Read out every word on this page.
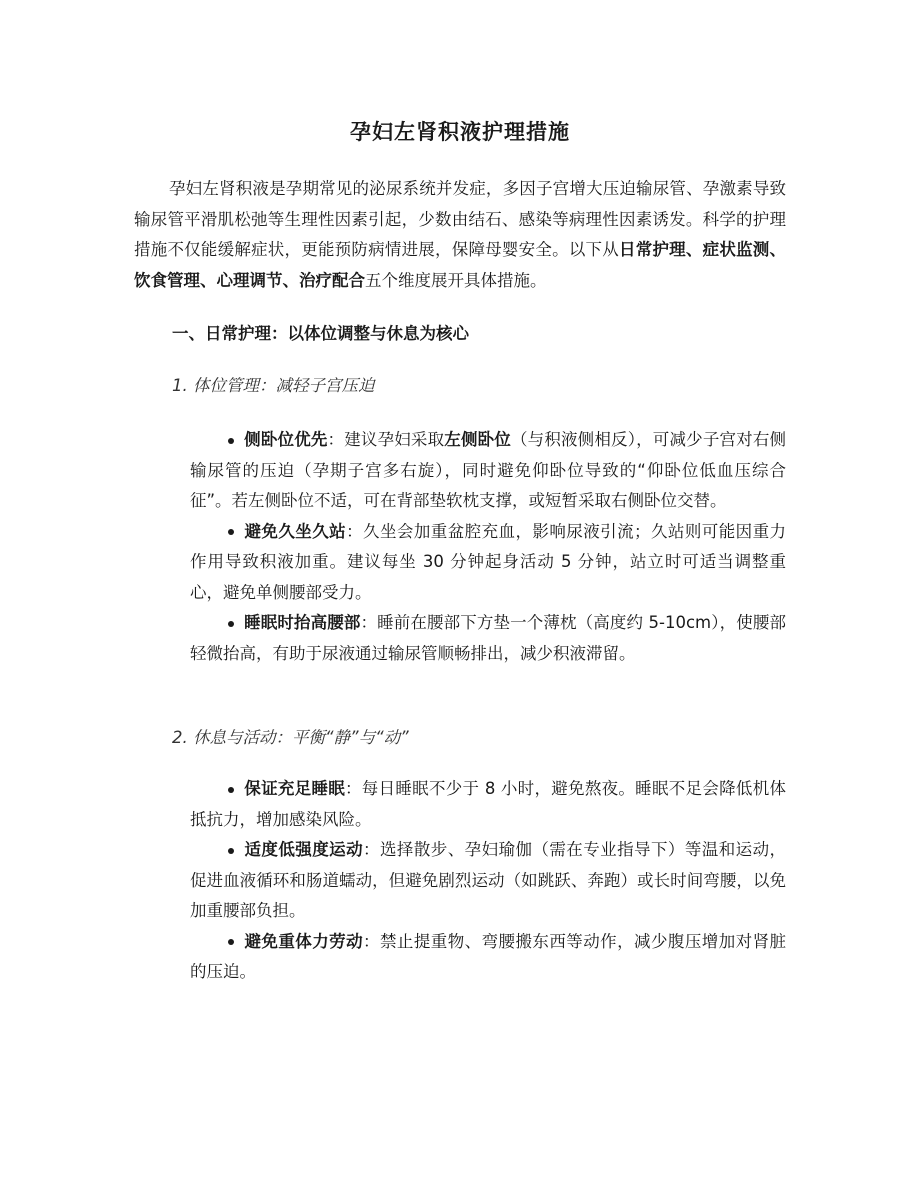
孕妇左肾积液护理措施
孕妇左肾积液是孕期常见的泌尿系统并发症，多因子宫增大压迫输尿管、孕激素导致输尿管平滑肌松弛等生理性因素引起，少数由结石、感染等病理性因素诱发。科学的护理措施不仅能缓解症状，更能预防病情进展，保障母婴安全。以下从日常护理、症状监测、饮食管理、心理调节、治疗配合五个维度展开具体措施。
一、日常护理：以体位调整与休息为核心
1. 体位管理：减轻子宫压迫
侧卧位优先：建议孕妇采取左侧卧位（与积液侧相反），可减少子宫对右侧输尿管的压迫（孕期子宫多右旋），同时避免仰卧位导致的“仰卧位低血压综合征”。若左侧卧位不适，可在背部垫软枕支撑，或短暂采取右侧卧位交替。
避免久坐久站：久坐会加重盆腔充血，影响尿液引流；久站则可能因重力作用导致积液加重。建议每坐 30 分钟起身活动 5 分钟，站立时可适当调整重心，避免单侧腰部受力。
睡眠时抬高腰部：睡前在腰部下方垫一个薄枕（高度约 5-10cm），使腰部轻微抬高，有助于尿液通过输尿管顺畅排出，减少积液滞留。
2. 休息与活动：平衡“静”与“动”
保证充足睡眠：每日睡眠不少于 8 小时，避免熬夜。睡眠不足会降低机体抵抗力，增加感染风险。
适度低强度运动：选择散步、孕妇瑜伽（需在专业指导下）等温和运动，促进血液循环和肠道蠕动，但避免剧烈运动（如跳跃、奔跑）或长时间弯腰，以免加重腰部负担。
避免重体力劳动：禁止提重物、弯腰搬东西等动作，减少腹压增加对肾脏的压迫。
